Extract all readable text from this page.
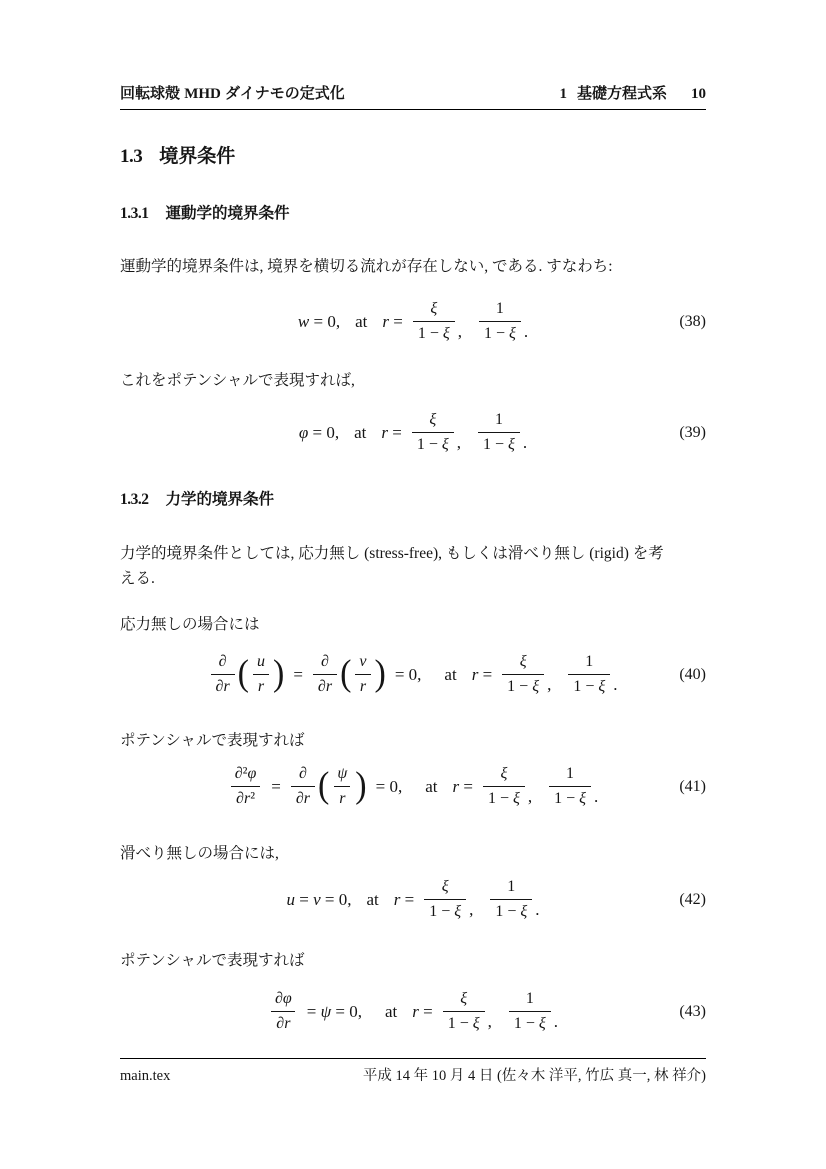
回転球殻 MHD ダイナモの定式化	1 基礎方程式系 10
1.3 境界条件
1.3.1 運動学的境界条件

運動学的境界条件は, 境界を横切る流れが存在しない, である. すなわち:

w = 0, at $r = \frac{\xi}{1 - \xi}$ , $\frac{1}{1 - \xi}$ .
(38)

これをポテンシャルで表現すれば,

φ = 0, at $r = \frac{\xi}{1 - \xi}$ , $\frac{1}{1 - \xi}$ .
(39)
1.3.2 力学的境界条件

力学的境界条件としては, 応力無し (stress-free), もしくは滑べり無し (rigid) を考
える.

応力無しの場合には

$\frac{\partial}{\partial r}$ ( $\frac{u}{r}$ ) = $\frac{\partial}{\partial r}$ ( $\frac{v}{r}$ ) = 0, at $r = \frac{\xi}{1 - \xi}$ , $\frac{1}{1 - \xi}$ .
(40)

ポテンシャルで表現すれば

$\frac{\text{∂²φ}}{\text{∂r²}} = \frac{\partial}{\partial r}$ ( $\frac{\psi}{r}$ ) = 0, at $r = \frac{\xi}{1 - \xi}$ , $\frac{1}{1 - \xi}$ .
(41)

滑べり無しの場合には,

u = v = 0, at $r = \frac{\xi}{1 - \xi}$ , $\frac{1}{1 - \xi}$ .
(42)

ポテンシャルで表現すれば

$\frac{\partial\varphi}{\partial r} = \psi = 0$, at $r = \frac{\xi}{1 - \xi}$ , $\frac{1}{1 - \xi}$ .
(43)
main.tex	平成 14 年 10 月 4 日 (佐々木 洋平, 竹広 真一, 林 祥介)
